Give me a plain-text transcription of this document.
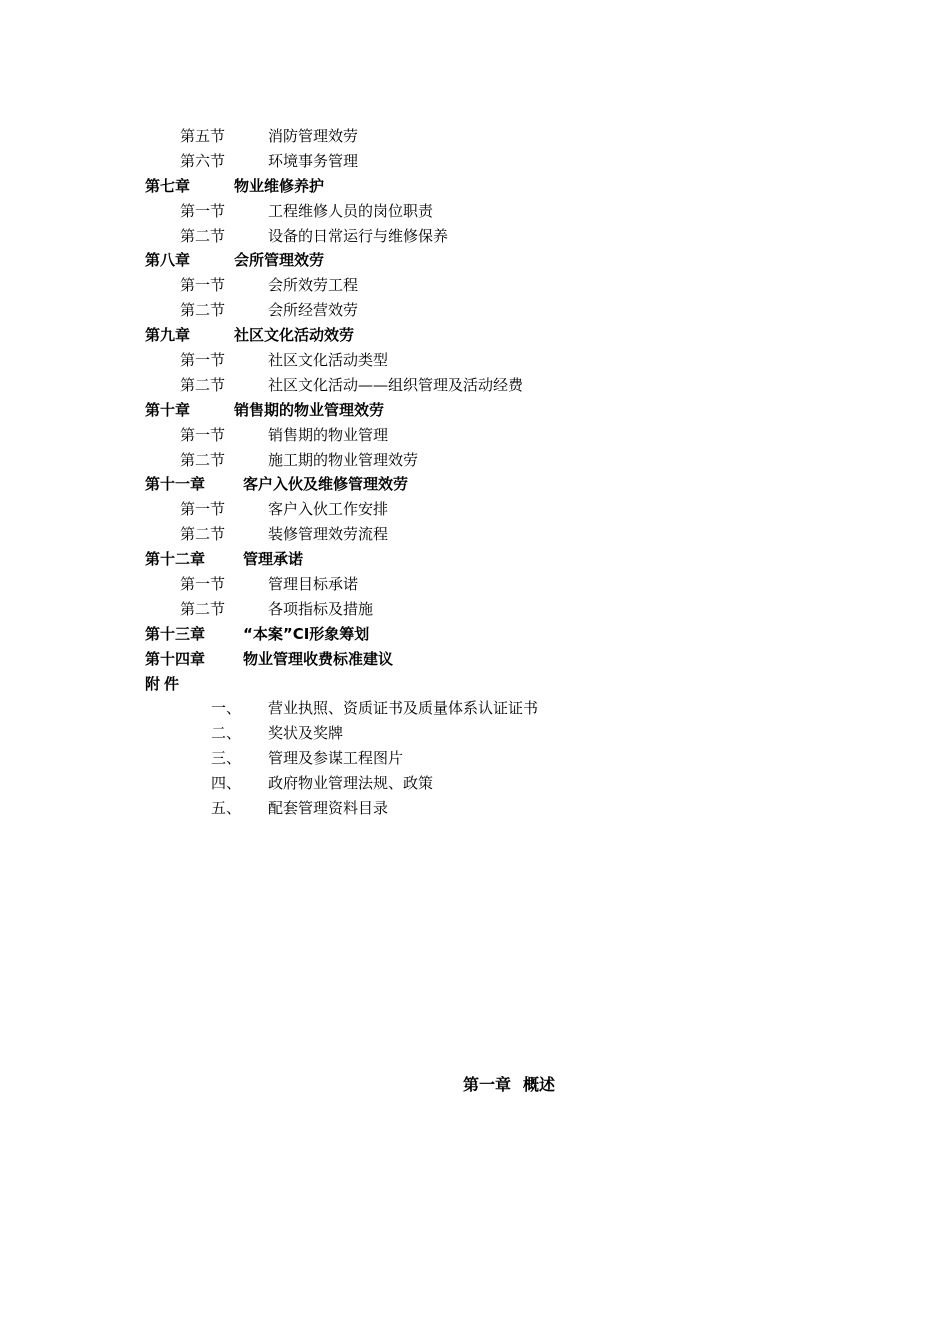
第五节	消防管理效劳
第六节	环境事务管理
第七章	物业维修养护
第一节	工程维修人员的岗位职责
第二节	设备的日常运行与维修保养
第八章	会所管理效劳
第一节	会所效劳工程
第二节	会所经营效劳
第九章	社区文化活动效劳
第一节	社区文化活动类型
第二节	社区文化活动——组织管理及活动经费
第十章	销售期的物业管理效劳
第一节	销售期的物业管理
第二节	施工期的物业管理效劳
第十一章	客户入伙及维修管理效劳
第一节	客户入伙工作安排
第二节	装修管理效劳流程
第十二章	管理承诺
第一节	管理目标承诺
第二节	各项指标及措施
第十三章	“本案”CI形象筹划
第十四章	物业管理收费标准建议
附件
一、 营业执照、资质证书及质量体系认证证书
二、 奖状及奖牌
三、 管理及参谋工程图片
四、 政府物业管理法规、政策
五、 配套管理资料目录
第一章 概述
